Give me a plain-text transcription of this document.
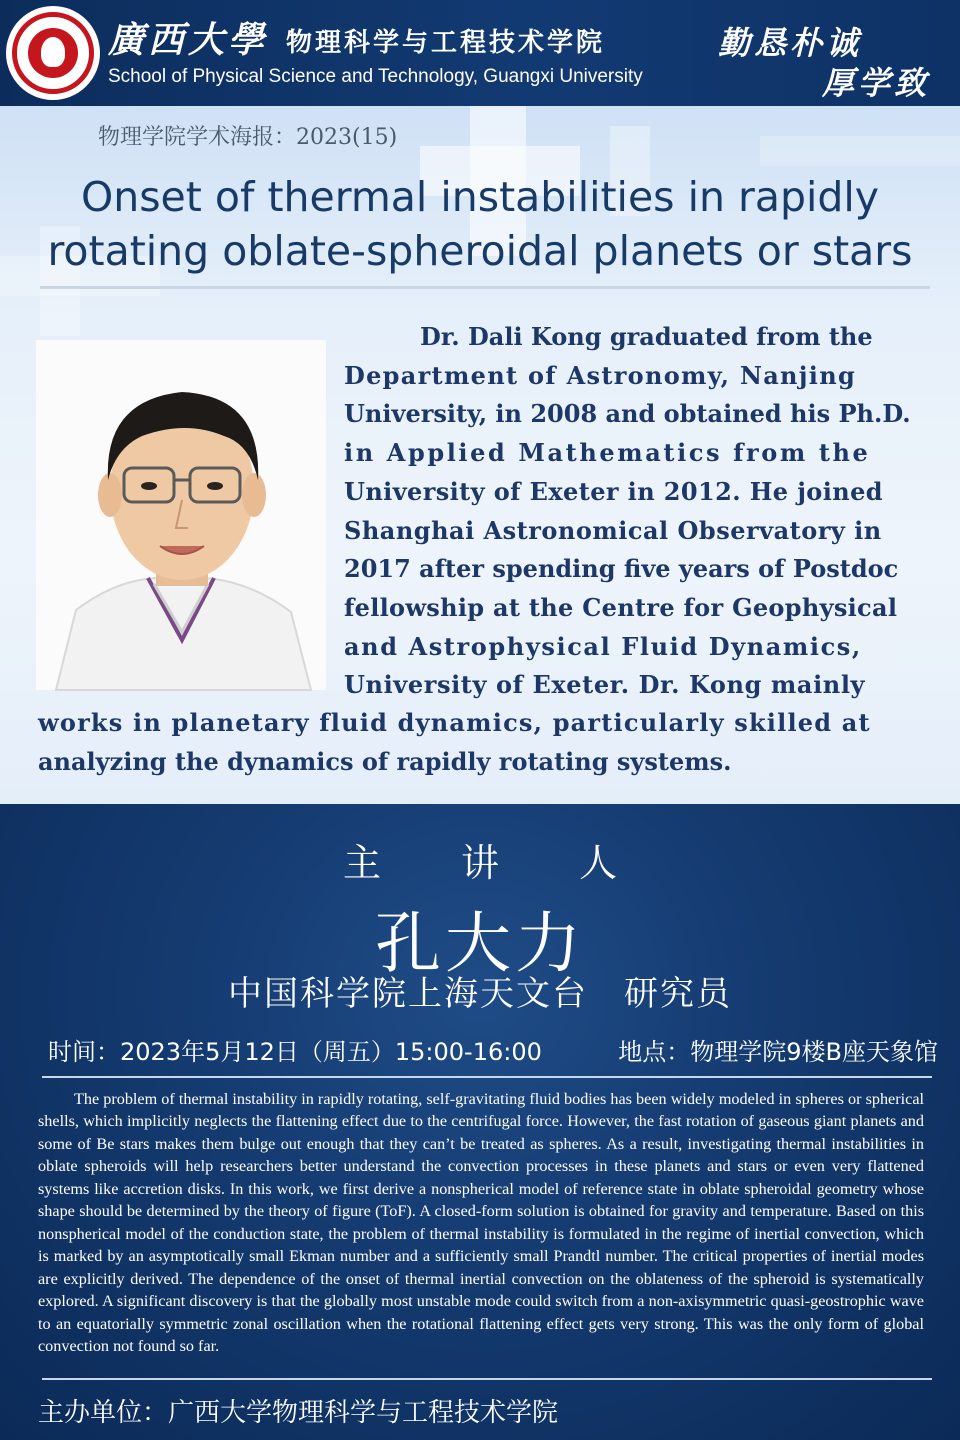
廣西大學 物理科学与工程技术学院
School of Physical Science and Technology, Guangxi University
勤恳朴诚
厚学致
物理学院学术海报：2023(15)
Onset of thermal instabilities in rapidly
rotating oblate-spheroidal planets or stars
Dr. Dali Kong graduated from the
Department of Astronomy, Nanjing
University, in 2008 and obtained his Ph.D.
in Applied Mathematics from the
University of Exeter in 2012. He joined
Shanghai Astronomical Observatory in
2017 after spending five years of Postdoc
fellowship at the Centre for Geophysical
and Astrophysical Fluid Dynamics,
University of Exeter. Dr. Kong mainly
works in planetary fluid dynamics, particularly skilled at
analyzing the dynamics of rapidly rotating systems.
主讲人
孔大力
中国科学院上海天文台　研究员
时间：2023年5月12日（周五）15:00-16:00	地点：物理学院9楼B座天象馆
The problem of thermal instability in rapidly rotating, self-gravitating fluid bodies has been widely modeled in spheres or spherical shells, which implicitly neglects the flattening effect due to the centrifugal force. However, the fast rotation of gaseous giant planets and some of Be stars makes them bulge out enough that they can’t be treated as spheres. As a result, investigating thermal instabilities in oblate spheroids will help researchers better understand the convection processes in these planets and stars or even very flattened systems like accretion disks. In this work, we first derive a nonspherical model of reference state in oblate spheroidal geometry whose shape should be determined by the theory of figure (ToF). A closed-form solution is obtained for gravity and temperature. Based on this nonspherical model of the conduction state, the problem of thermal instability is formulated in the regime of inertial convection, which is marked by an asymptotically small Ekman number and a sufficiently small Prandtl number. The critical properties of inertial modes are explicitly derived. The dependence of the onset of thermal inertial convection on the oblateness of the spheroid is systematically explored. A significant discovery is that the globally most unstable mode could switch from a non-axisymmetric quasi-geostrophic wave to an equatorially symmetric zonal oscillation when the rotational flattening effect gets very strong. This was the only form of global convection not found so far.
主办单位：广西大学物理科学与工程技术学院
